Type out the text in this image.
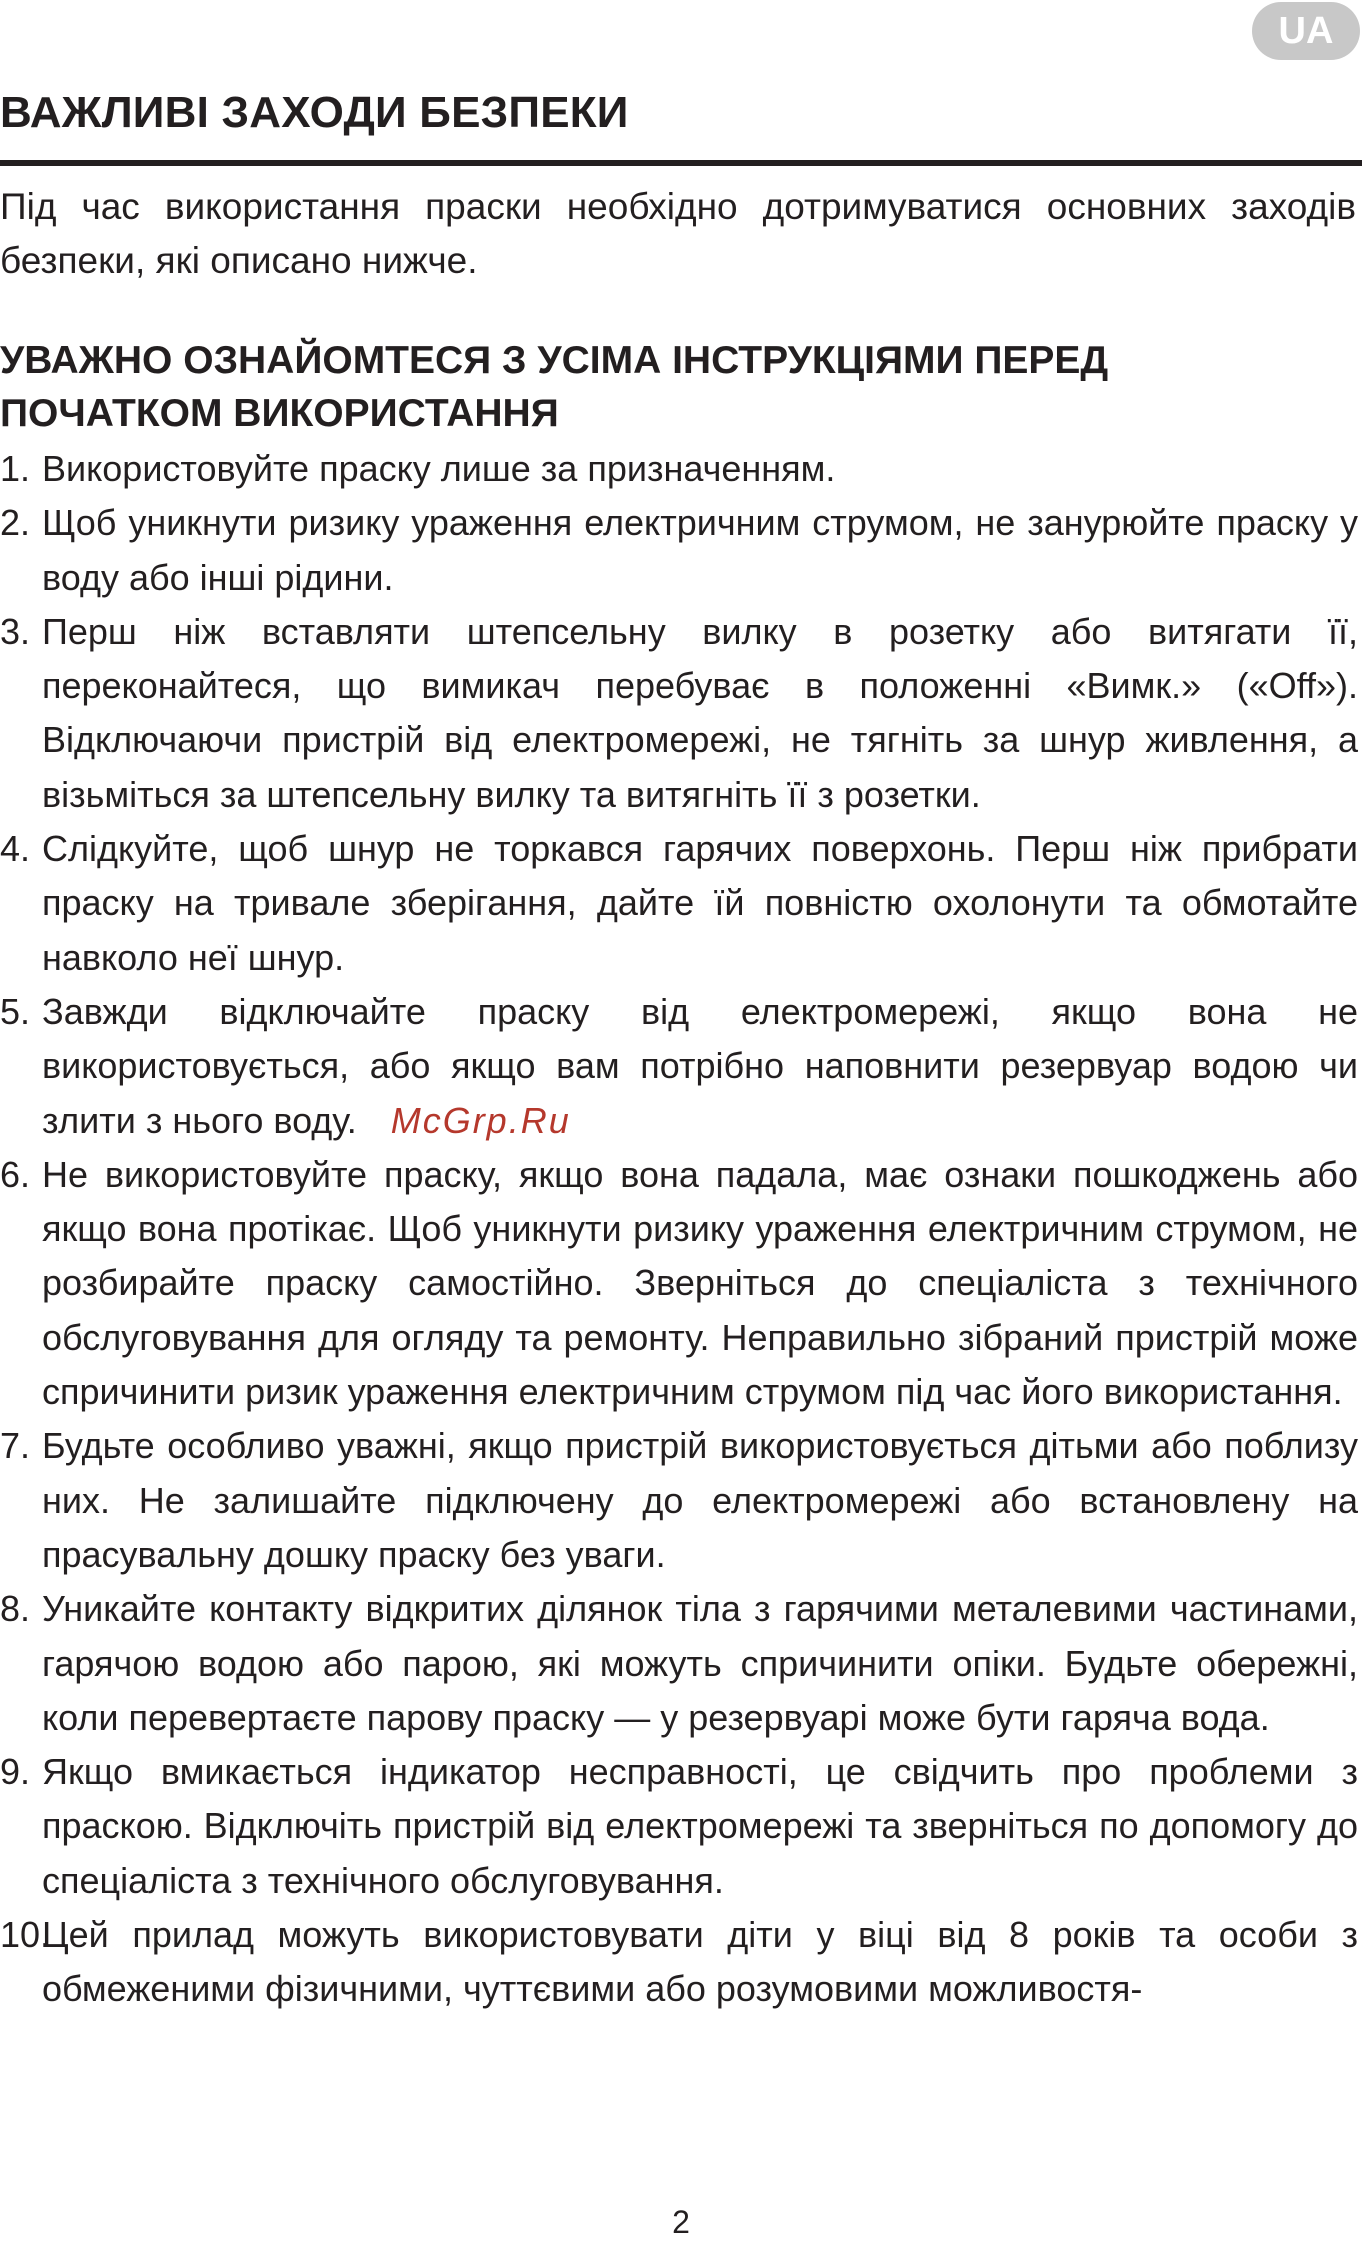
UA
ВАЖЛИВІ ЗАХОДИ БЕЗПЕКИ

Під час використання праски необхідно дотримуватися основних заходів безпеки, які описано нижче.

УВАЖНО ОЗНАЙОМТЕСЯ З УСІМА ІНСТРУКЦІЯМИ ПЕРЕД ПОЧАТКОМ ВИКОРИСТАННЯ
1. Використовуйте праску лише за призначенням.
2. Щоб уникнути ризику ураження електричним струмом, не занурюйте праску у воду або інші рідини.
3. Перш ніж вставляти штепсельну вилку в розетку або витягати її, переконайтеся, що вимикач перебуває в положенні «Вимк.» («Off»). Відключаючи пристрій від електромережі, не тягніть за шнур живлення, а візьміться за штепсельну вилку та витягніть її з розетки.
4. Слідкуйте, щоб шнур не торкався гарячих поверхонь. Перш ніж прибрати праску на тривале зберігання, дайте їй повністю охолонути та обмотайте навколо неї шнур.
5. Завжди відключайте праску від електромережі, якщо вона не використовується, або якщо вам потрібно наповнити резервуар водою чи злити з нього воду. McGrp.Ru
6. Не використовуйте праску, якщо вона падала, має ознаки пошкоджень або якщо вона протікає. Щоб уникнути ризику ураження електричним струмом, не розбирайте праску самостійно. Зверніться до спеціаліста з технічного обслуговування для огляду та ремонту. Неправильно зібраний пристрій може спричинити ризик ураження електричним струмом під час його використання.
7. Будьте особливо уважні, якщо пристрій використовується дітьми або поблизу них. Не залишайте підключену до електромережі або встановлену на прасувальну дошку праску без уваги.
8. Уникайте контакту відкритих ділянок тіла з гарячими металевими частинами, гарячою водою або парою, які можуть спричинити опіки. Будьте обережні, коли перевертаєте парову праску — у резервуарі може бути гаряча вода.
9. Якщо вмикається індикатор несправності, це свідчить про проблеми з праскою. Відключіть пристрій від електромережі та зверніться по допомогу до спеціаліста з технічного обслуговування.
10.
Цей прилад можуть використовувати діти у віці від 8 років та особи з обмеженими фізичними, чуттєвими або розумовими можливостя-
2
